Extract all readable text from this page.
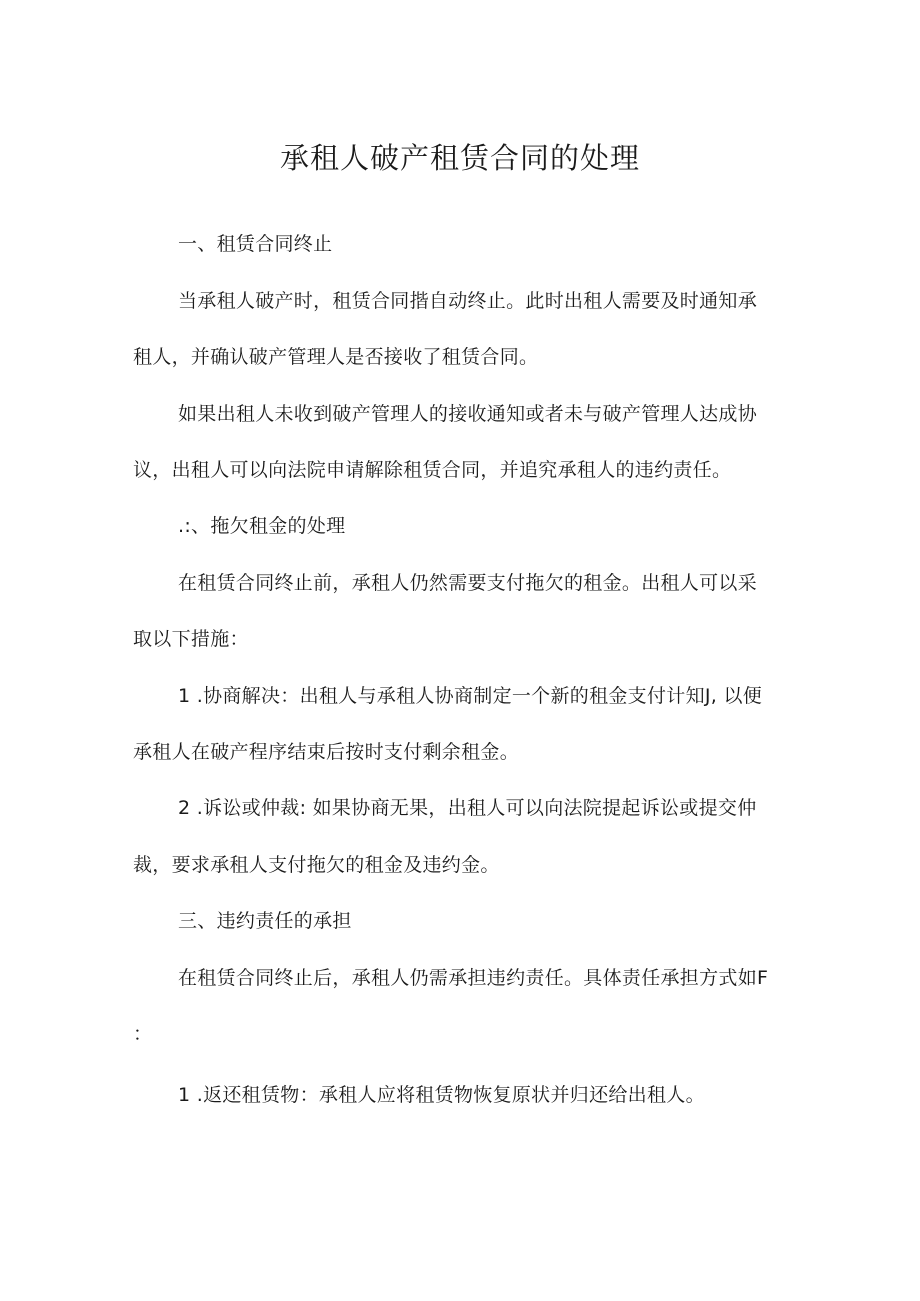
承租人破产租赁合同的处理
一、租赁合同终止
当承租人破产时，租赁合同揩自动终止。此时出租人需要及时通知承
租人，并确认破产管理人是否接收了租赁合同。
如果出租人未收到破产管理人的接收通知或者未与破产管理人达成协
议，出租人可以向法院申请解除租赁合同，并追究承租人的违约责任。
.:、拖欠租金的处理
在租赁合同终止前，承租人仍然需要支付拖欠的租金。出租人可以采
取以下措施：
1 .协商解决：出租人与承租人协商制定一个新的租金支付计知J, 以便
承租人在破产程序结束后按时支付剩余租金。
2 .诉讼或仲裁: 如果协商无果，出租人可以向法院提起诉讼或提交仲
裁，要求承租人支付拖欠的租金及违约金。
三、违约责任的承担
在租赁合同终止后，承租人仍需承担违约责任。具体责任承担方式如F
：
1 .返还租赁物：承租人应将租赁物恢复原状并归还给出租人。
